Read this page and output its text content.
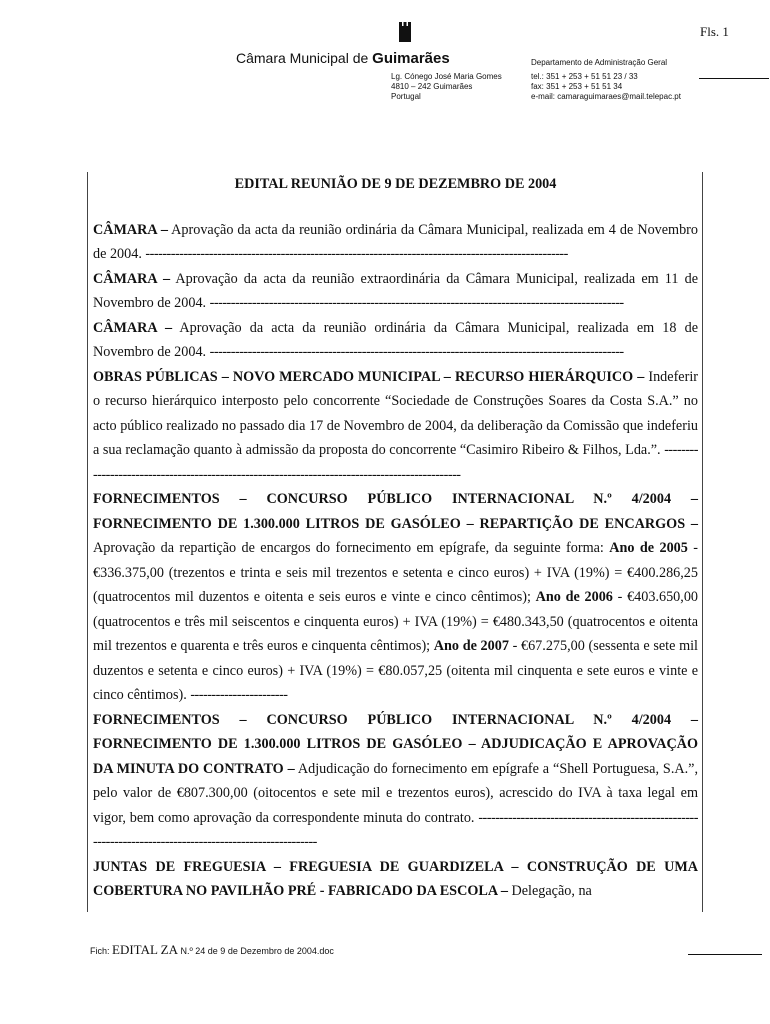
Fls. 1
Câmara Municipal de Guimarães
Lg. Cónego José Maria Gomes
4810 – 242 Guimarães
Portugal
Departamento de Administração Geral
tel.: 351 + 253 + 51 51 23 / 33
fax: 351 + 253 + 51 51 34
e-mail: camaraguimaraes@mail.telepac.pt
EDITAL REUNIÃO DE 9 DE DEZEMBRO DE 2004

CÂMARA – Aprovação da acta da reunião ordinária da Câmara Municipal, realizada em 4 de Novembro de 2004. ----------------------------------------------------------------------------------------------------

CÂMARA – Aprovação da acta da reunião extraordinária da Câmara Municipal, realizada em 11 de Novembro de 2004. --------------------------------------------------------------------------------------------------

CÂMARA – Aprovação da acta da reunião ordinária da Câmara Municipal, realizada em 18 de Novembro de 2004. --------------------------------------------------------------------------------------------------

OBRAS PÚBLICAS – NOVO MERCADO MUNICIPAL – RECURSO HIERÁRQUICO – Indeferir o recurso hierárquico interposto pelo concorrente “Sociedade de Construções Soares da Costa S.A.” no acto público realizado no passado dia 17 de Novembro de 2004, da deliberação da Comissão que indeferiu a sua reclamação quanto à admissão da proposta do concorrente “Casimiro Ribeiro & Filhos, Lda.”. -----------------------------------------------------------------------------------------------

FORNECIMENTOS – CONCURSO PÚBLICO INTERNACIONAL N.º 4/2004 – FORNECIMENTO DE 1.300.000 LITROS DE GASÓLEO – REPARTIÇÃO DE ENCARGOS – Aprovação da repartição de encargos do fornecimento em epígrafe, da seguinte forma: Ano de 2005 - €336.375,00 (trezentos e trinta e seis mil trezentos e setenta e cinco euros) + IVA (19%) = €400.286,25 (quatrocentos mil duzentos e oitenta e seis euros e vinte e cinco cêntimos); Ano de 2006 - €403.650,00 (quatrocentos e três mil seiscentos e cinquenta euros) + IVA (19%) = €480.343,50 (quatrocentos e oitenta mil trezentos e quarenta e três euros e cinquenta cêntimos); Ano de 2007 - €67.275,00 (sessenta e sete mil duzentos e setenta e cinco euros) + IVA (19%) = €80.057,25 (oitenta mil cinquenta e sete euros e vinte e cinco cêntimos). -----------------------

FORNECIMENTOS – CONCURSO PÚBLICO INTERNACIONAL N.º 4/2004 – FORNECIMENTO DE 1.300.000 LITROS DE GASÓLEO – ADJUDICAÇÃO E APROVAÇÃO DA MINUTA DO CONTRATO – Adjudicação do fornecimento em epígrafe a “Shell Portuguesa, S.A.”, pelo valor de €807.300,00 (oitocentos e sete mil e trezentos euros), acrescido do IVA à taxa legal em vigor, bem como aprovação da correspondente minuta do contrato. ---------------------------------------------------------------------------------------------------------

JUNTAS DE FREGUESIA – FREGUESIA DE GUARDIZELA – CONSTRUÇÃO DE UMA COBERTURA NO PAVILHÃO PRÉ - FABRICADO DA ESCOLA – Delegação, na

Fich: EDITAL ZA N.º 24 de 9 de Dezembro de 2004.doc
